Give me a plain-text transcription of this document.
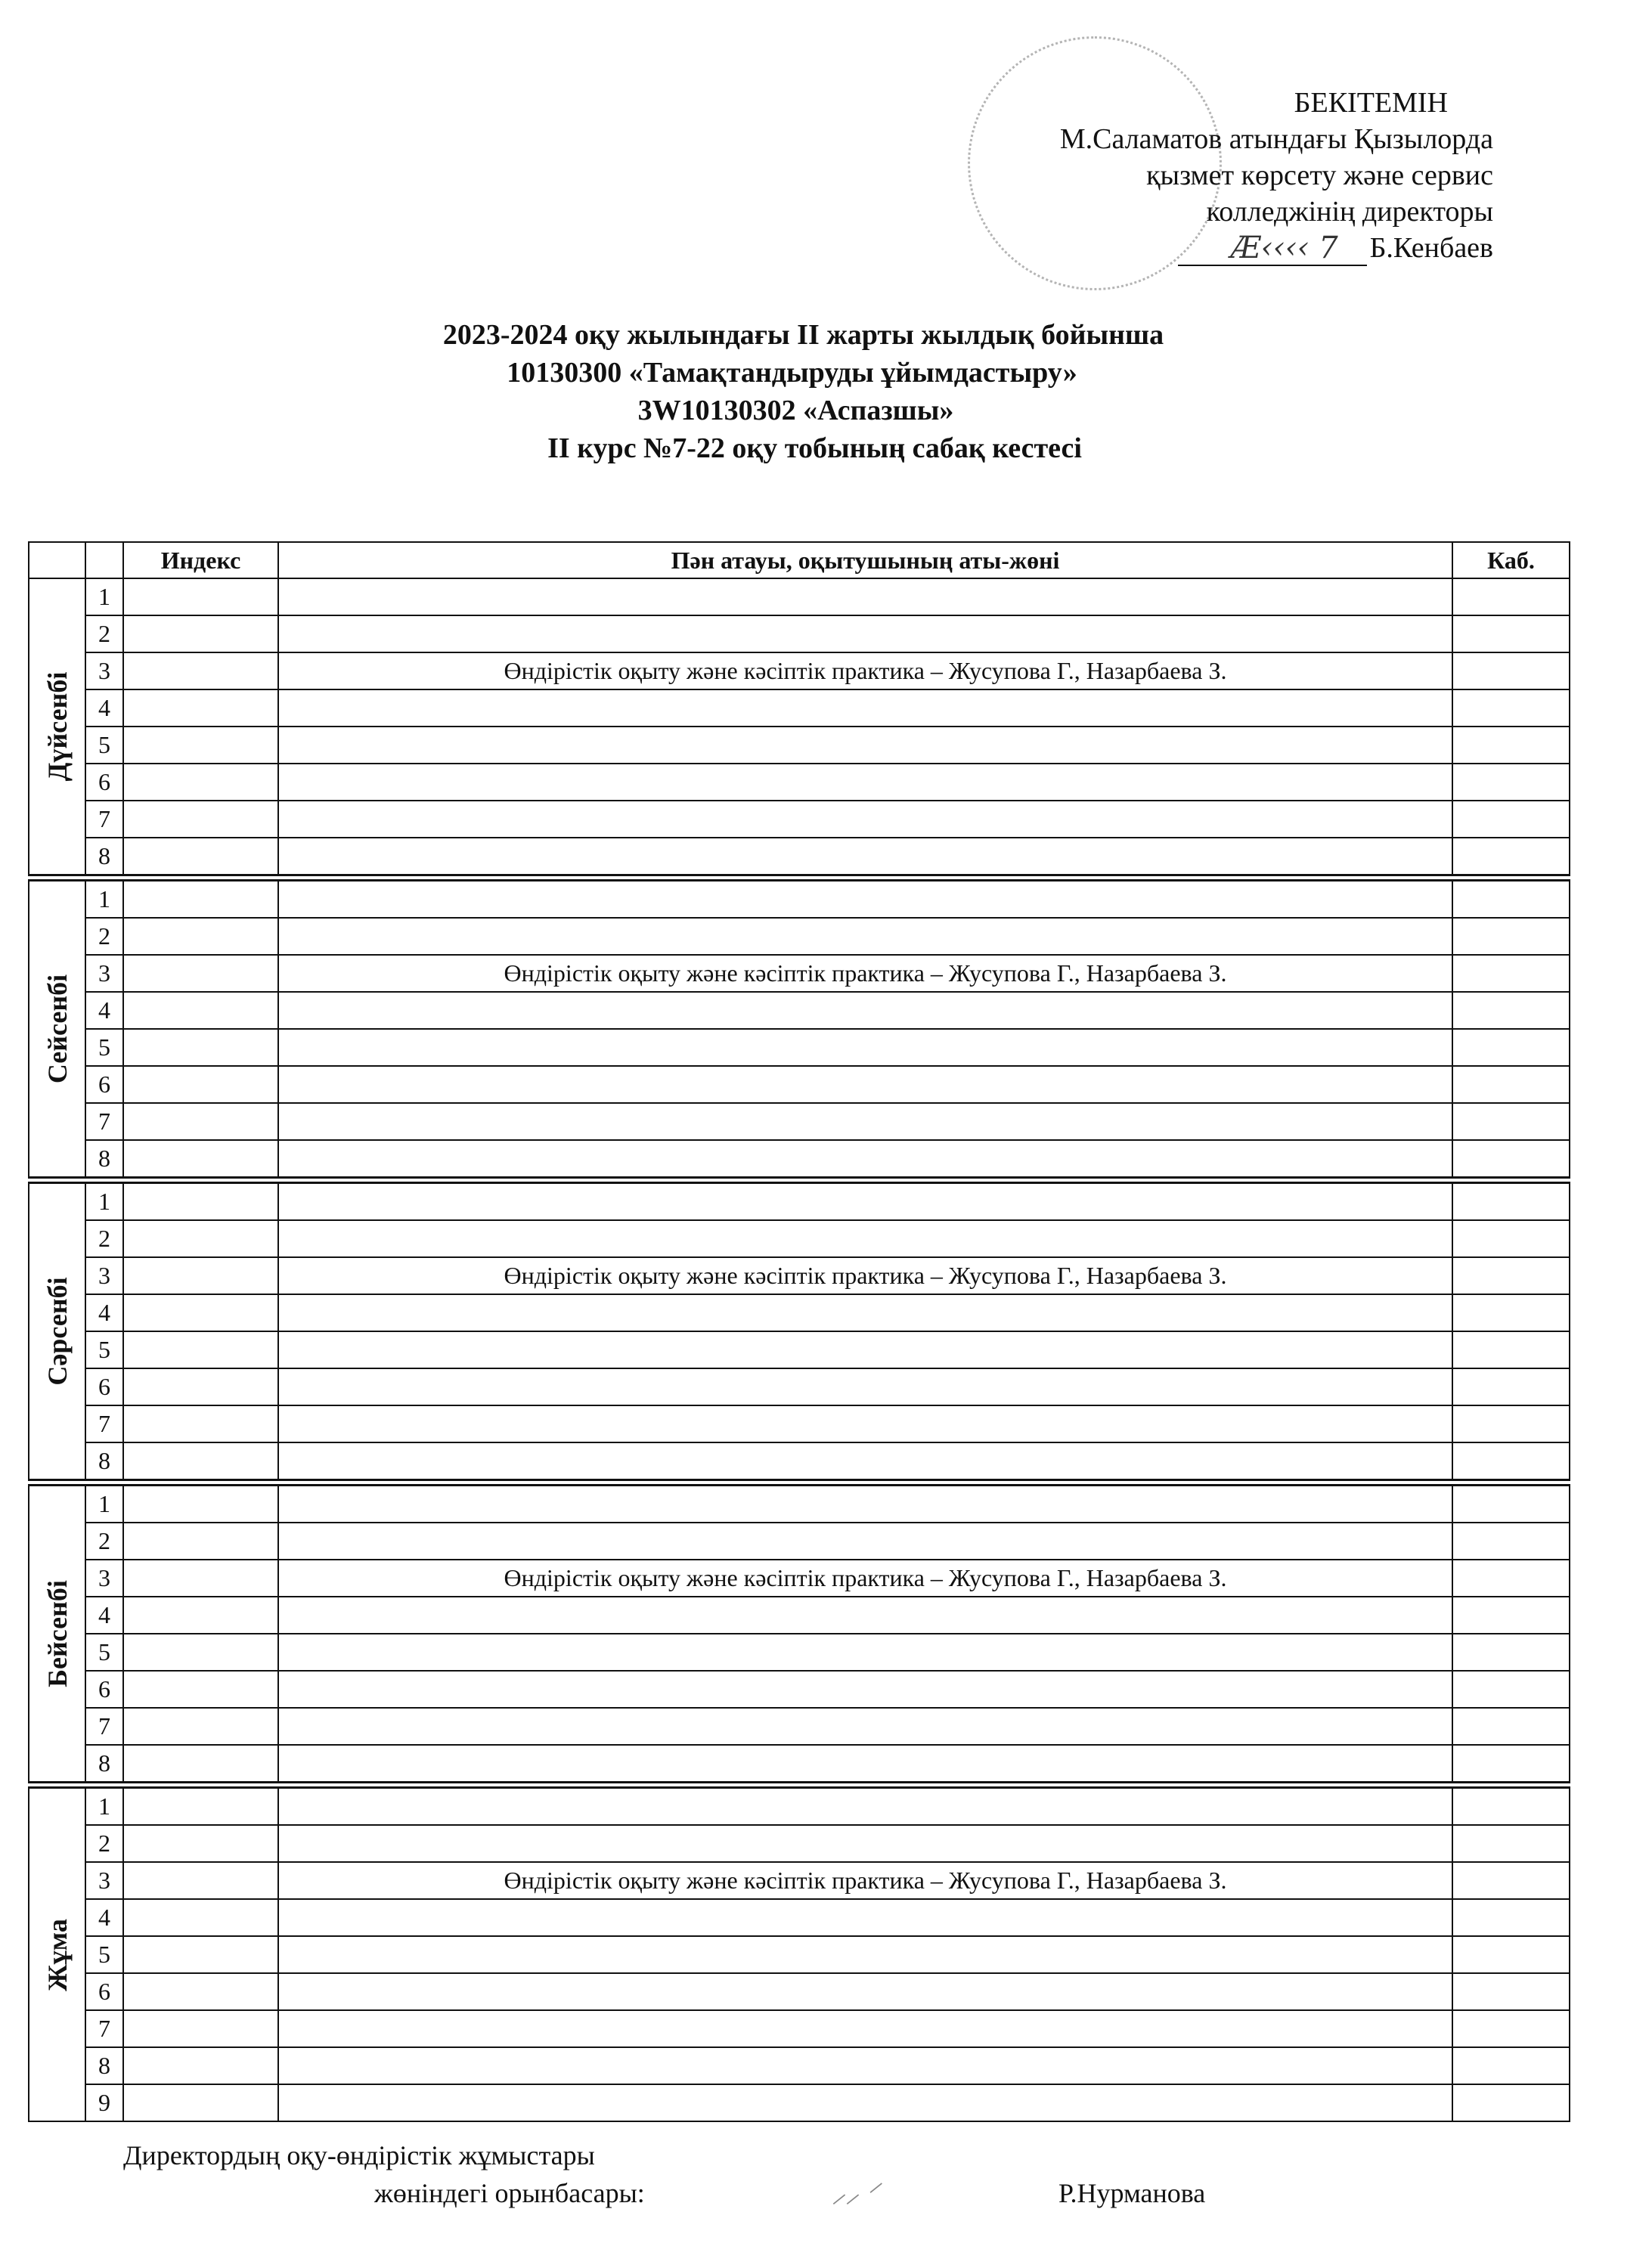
БЕКІТЕМІН
М.Саламатов атындағы Қызылорда
қызмет көрсету және сервис
колледжінің директоры
Ӕ‹‹‹‹ 7 Б.Кенбаев
2023-2024 оқу жылындағы ІІ жарты жылдық бойынша
10130300 «Тамақтандыруды ұйымдастыру»
3W10130302 «Аспазшы»
ІІ курс №7-22 оқу тобының сабақ кестесі
		Индекс	Пән атауы, оқытушының аты-жөні	Каб.

Дүйсенбі	1			
	2			
	3		Өндірістік оқыту және кәсіптік практика – Жусупова Г., Назарбаева З.	
	4			
	5			
	6			
	7			
	8			

Сейсенбі	1			
	2			
	3		Өндірістік оқыту және кәсіптік практика – Жусупова Г., Назарбаева З.	
	4			
	5			
	6			
	7			
	8			

Сәрсенбі	1			
	2			
	3		Өндірістік оқыту және кәсіптік практика – Жусупова Г., Назарбаева З.	
	4			
	5			
	6			
	7			
	8			

Бейсенбі	1			
	2			
	3		Өндірістік оқыту және кәсіптік практика – Жусупова Г., Назарбаева З.	
	4			
	5			
	6			
	7			
	8			

Жұма	1			
	2			
	3		Өндірістік оқыту және кәсіптік практика – Жусупова Г., Назарбаева З.	
	4			
	5			
	6			
	7			
	8			
	9			
Директордың оқу-өндірістік жұмыстары
жөніндегі орынбасары:	⸝⸝ ⸍	Р.Нурманова
